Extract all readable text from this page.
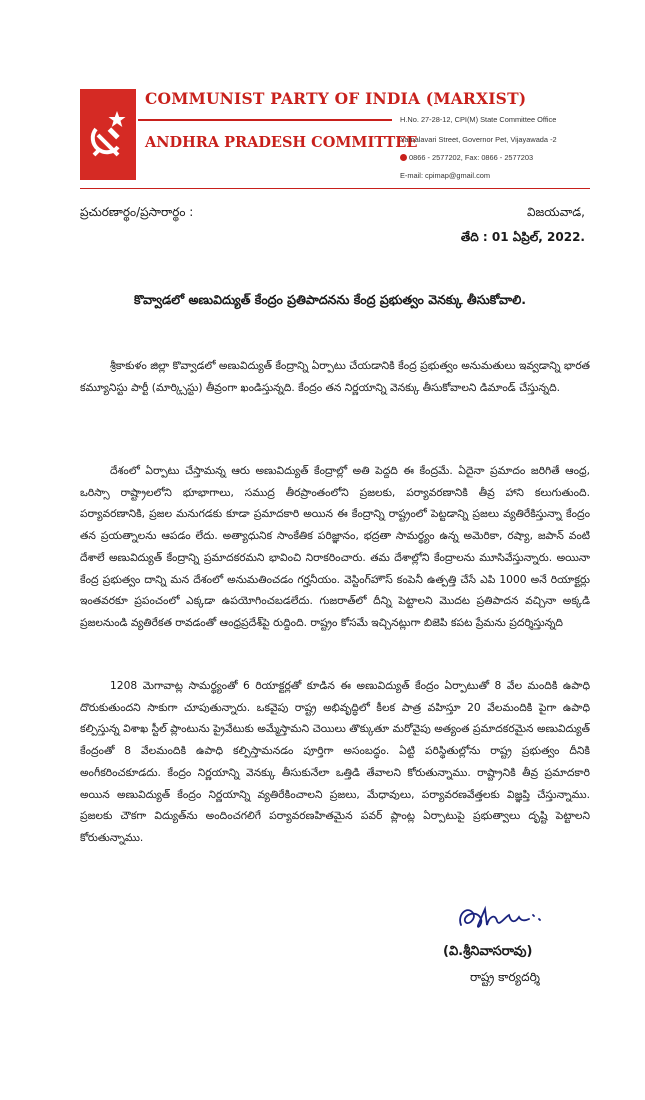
COMMUNIST PARTY OF INDIA (MARXIST)
ANDHRA PRADESH COMMITTEE
H.No. 27-28-12, CPI(M) State Committee Office
Yamalavari Street, Governor Pet, Vijayawada -2
0866 - 2577202, Fax: 0866 - 2577203
E-mail: cpimap@gmail.com
ప్రచురణార్థం/ప్రసారార్థం :	విజయవాడ,
తేది : 01 ఏప్రిల్, 2022.
కొవ్వాడలో అణువిద్యుత్ కేంద్రం ప్రతిపాదనను కేంద్ర ప్రభుత్వం వెనక్కు తీసుకోవాలి.
శ్రీకాకుళం జిల్లా కొవ్వాడలో అణువిద్యుత్ కేంద్రాన్ని ఏర్పాటు చేయడానికి కేంద్ర ప్రభుత్వం అనుమతులు ఇవ్వడాన్ని భారత కమ్యూనిస్టు పార్టీ (మార్క్సిస్టు) తీవ్రంగా ఖండిస్తున్నది. కేంద్రం తన నిర్ణయాన్ని వెనక్కు తీసుకోవాలని డిమాండ్ చేస్తున్నది.
దేశంలో ఏర్పాటు చేస్తామన్న ఆరు అణువిద్యుత్ కేంద్రాల్లో అతి పెద్దది ఈ కేంద్రమే. ఏదైనా ప్రమాదం జరిగితే ఆంధ్ర, ఒరిస్సా రాష్ట్రాలలోని భూభాగాలు, సముద్ర తీరప్రాంతంలోని ప్రజలకు, పర్యావరణానికి తీవ్ర హాని కలుగుతుంది. పర్యావరణానికి, ప్రజల మనుగడకు కూడా ప్రమాదకారి అయిన ఈ కేంద్రాన్ని రాష్ట్రంలో పెట్టడాన్ని ప్రజలు వ్యతిరేకిస్తున్నా కేంద్రం తన ప్రయత్నాలను ఆపడం లేదు. అత్యాధునిక సాంకేతిక పరిజ్ఞానం, భద్రతా సామర్థ్యం ఉన్న అమెరికా, రష్యా, జపాన్ వంటి దేశాలే అణువిద్యుత్ కేంద్రాన్ని ప్రమాదకరమని భావించి నిరాకరించారు. తమ దేశాల్లోని కేంద్రాలను మూసివేస్తున్నారు. అయినా కేంద్ర ప్రభుత్వం దాన్ని మన దేశంలో అనుమతించడం గర్హనీయం. వెస్టింగ్‌హౌస్ కంపెనీ ఉత్పత్తి చేసే ఎపి 1000 అనే రియాక్టర్లు ఇంతవరకూ ప్రపంచంలో ఎక్కడా ఉపయోగించబడలేదు. గుజరాత్‌లో దీన్ని పెట్టాలని మొదట ప్రతిపాదన వచ్చినా అక్కడి ప్రజలనుండి వ్యతిరేకత రావడంతో ఆంధ్రప్రదేశ్‌పై రుద్దింది. రాష్ట్రం కోసమే ఇచ్చినట్లుగా బిజెపి కపట ప్రేమను ప్రదర్శిస్తున్నది
1208 మెగావాట్ల సామర్థ్యంతో 6 రియాక్టర్లతో కూడిన ఈ అణువిద్యుత్ కేంద్రం ఏర్పాటుతో 8 వేల మందికి ఉపాధి దొరుకుతుందని సాకుగా చూపుతున్నారు. ఒకవైపు రాష్ట్ర అభివృద్ధిలో కీలక పాత్ర వహిస్తూ 20 వేలమందికి పైగా ఉపాధి కల్పిస్తున్న విశాఖ స్టీల్ ప్లాంటును ప్రైవేటుకు అమ్మేస్తామని చెయిలు తొక్కుతూ మరోవైపు అత్యంత ప్రమాదకరమైన అణువిద్యుత్ కేంద్రంతో 8 వేలమందికి ఉపాధి కల్పిస్తామనడం పూర్తిగా అసంబద్ధం. ఏట్టి పరిస్థితుల్లోను రాష్ట్ర ప్రభుత్వం దీనికి అంగీకరించకూడదు. కేంద్రం నిర్ణయాన్ని వెనక్కు తీసుకునేలా ఒత్తిడి తేవాలని కోరుతున్నాము. రాష్ట్రానికి తీవ్ర ప్రమాదకారి అయిన అణువిద్యుత్ కేంద్రం నిర్ణయాన్ని వ్యతిరేకించాలని ప్రజలు, మేధావులు, పర్యావరణవేత్తలకు విజ్ఞప్తి చేస్తున్నాము. ప్రజలకు చౌకగా విద్యుత్‌ను అందించగలిగే పర్యావరణహితమైన పవర్ ప్లాంట్ల ఏర్పాటుపై ప్రభుత్వాలు దృష్టి పెట్టాలని కోరుతున్నాము.
(వి.శ్రీనివాసరావు)
రాష్ట్ర కార్యదర్శి
